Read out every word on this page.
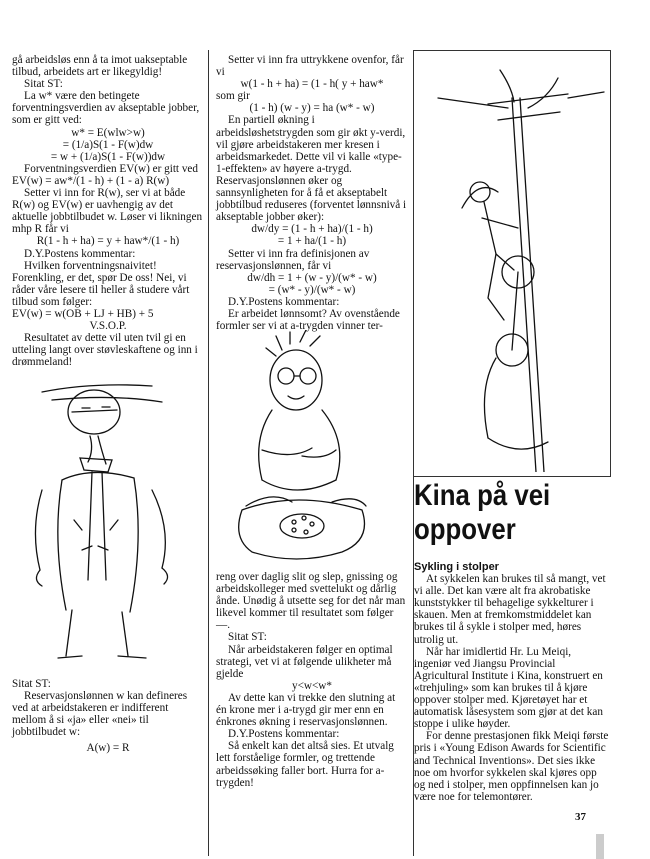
gå arbeidsløs enn å ta imot uakseptable

tilbud, arbeidets art er likegyldig!

Sitat ST:

La w* være den betingete forventningsverdien av akseptable jobber, som er gitt ved:

w* = E(wlw>w)

= (1/a)S(1 - F(w)dw

= w + (1/a)S(1 - F(w))dw

Forventningsverdien EV(w) er gitt ved EV(w) = aw*/(1 - h) + (1 - a) R(w)

Setter vi inn for R(w), ser vi at både R(w) og EV(w) er uavhengig av det aktuelle jobbtilbudet w. Løser vi likningen mhp R får vi

R(1 - h + ha) = y + haw*/(1 - h)

D.Y.Postens kommentar:

Hvilken forventningsnaivitet! Forenkling, er det, spør De oss! Nei, vi råder våre lesere til heller å studere vårt tilbud som følger:

EV(w) = w(OB + LJ + HB) + 5

V.S.O.P.

Resultatet av dette vil uten tvil gi en utteling langt over støvleskaftene og inn i drømmeland!

Sitat ST:

Reservasjonslønnen w kan defineres ved at arbeidstakeren er indifferent mellom å si «ja» eller «nei» til jobbtilbudet w:

A(w) = R

Setter vi inn fra uttrykkene ovenfor, får vi

w(1 - h + ha) = (1 - h( y + haw*

som gir

(1 - h) (w - y) = ha (w* - w)

En partiell økning i arbeidsløshetstrygden som gir økt y-verdi, vil gjøre arbeidstakeren mer kresen i arbeidsmarkedet. Dette vil vi kalle «type-1-effekten» av høyere a-trygd. Reservasjonslønnen øker og sannsynligheten for å få et akseptabelt jobbtilbud reduseres (forventet lønnsnivå i akseptable jobber øker):

dw/dy = (1 - h + ha)/(1 - h)

= 1 + ha/(1 - h)

Setter vi inn fra definisjonen av reservasjonslønnen, får vi

dw/dh = 1 + (w - y)/(w* - w)

= (w* - y)/(w* - w)

D.Y.Postens kommentar:

Er arbeidet lønnsomt? Av ovenstående formler ser vi at a-trygden vinner ter-

reng over daglig slit og slep, gnissing og arbeidskolleger med svettelukt og dårlig ånde. Unødig å utsette seg for det når man likevel kommer til resultatet som følger —.

Sitat ST:

Når arbeidstakeren følger en optimal strategi, vet vi at følgende ulikheter må gjelde

y<w<w*

Av dette kan vi trekke den slutning at én krone mer i a-trygd gir mer enn en énkrones økning i reservasjonslønnen.

D.Y.Postens kommentar:

Så enkelt kan det altså sies. Et utvalg lett forståelige formler, og trettende arbeidssøking faller bort. Hurra for a-trygden!

Kina på vei
oppover

Sykling i stolper

At sykkelen kan brukes til så mangt, vet vi alle. Det kan være alt fra akrobatiske kunststykker til behagelige sykkelturer i skauen. Men at fremkomstmiddelet kan brukes til å sykle i stolper med, høres utrolig ut.

Når har imidlertid Hr. Lu Meiqi, ingeniør ved Jiangsu Provincial Agricultural Institute i Kina, konstruert en «trehjuling» som kan brukes til å kjøre oppover stolper med. Kjøretøyet har et automatisk låsesystem som gjør at det kan stoppe i ulike høyder.

For denne prestasjonen fikk Meiqi første pris i «Young Edison Awards for Scientific and Technical Inventions». Det sies ikke noe om hvorfor sykkelen skal kjøres opp og ned i stolper, men oppfinnelsen kan jo være noe for telemontører.

37
